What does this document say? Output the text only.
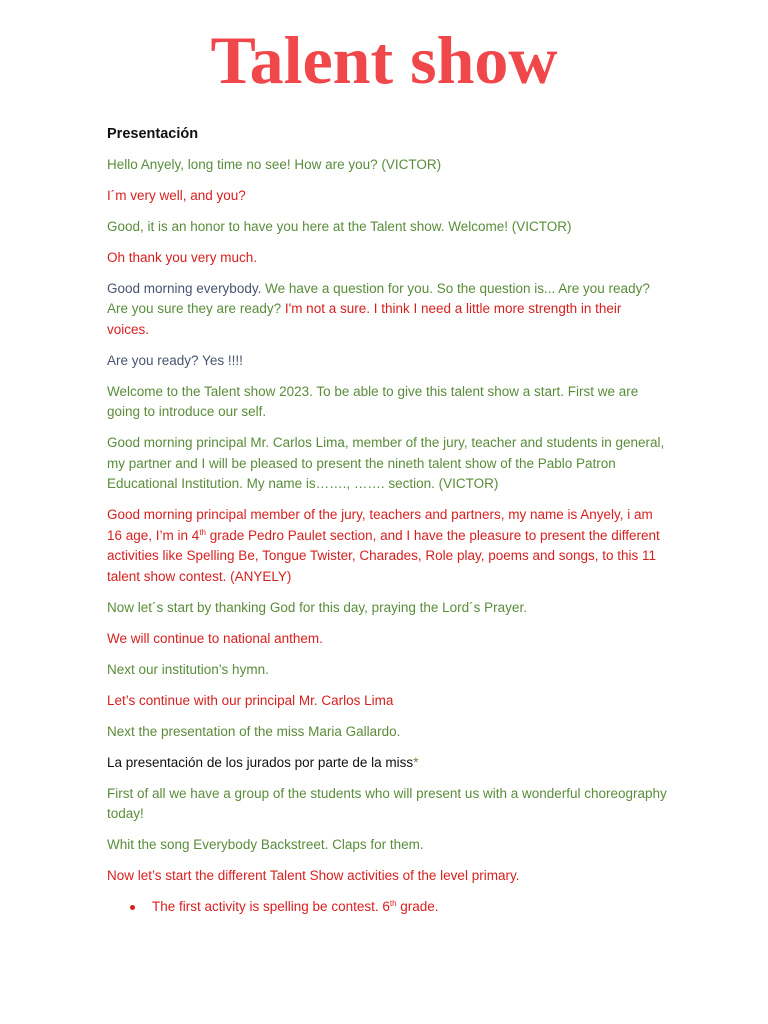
Talent show
Presentación
Hello Anyely, long time no see! How are you? (VICTOR)
I´m very well, and you?
Good, it is an honor to have you here at the Talent show. Welcome! (VICTOR)
Oh thank you very much.
Good morning everybody. We have a question for you. So the question is... Are you ready? Are you sure they are ready? I'm not a sure. I think I need a little more strength in their voices.
Are you ready? Yes !!!!
Welcome to the Talent show 2023. To be able to give this talent show a start. First we are going to introduce our self.
Good morning principal Mr. Carlos Lima, member of the jury, teacher and students in general, my partner and I will be pleased to present the nineth talent show of the Pablo Patron Educational Institution. My name is……., ……. section. (VICTOR)
Good morning principal member of the jury, teachers and partners, my name is Anyely, i am 16 age, I’m in 4th grade Pedro Paulet section, and I have the pleasure to present the different activities like Spelling Be, Tongue Twister, Charades, Role play, poems and songs, to this 11 talent show contest. (ANYELY)
Now let´s start by thanking God for this day, praying the Lord´s Prayer.
We will continue to national anthem.
Next our institution’s hymn.
Let’s continue with our principal Mr. Carlos Lima
Next the presentation of the miss Maria Gallardo.
La presentación de los jurados por parte de la miss*
First of all we have a group of the students who will present us with a wonderful choreography today!
Whit the song Everybody Backstreet. Claps for them.
Now let’s start the different Talent Show activities of the level primary.
The first activity is spelling be contest. 6th grade.
